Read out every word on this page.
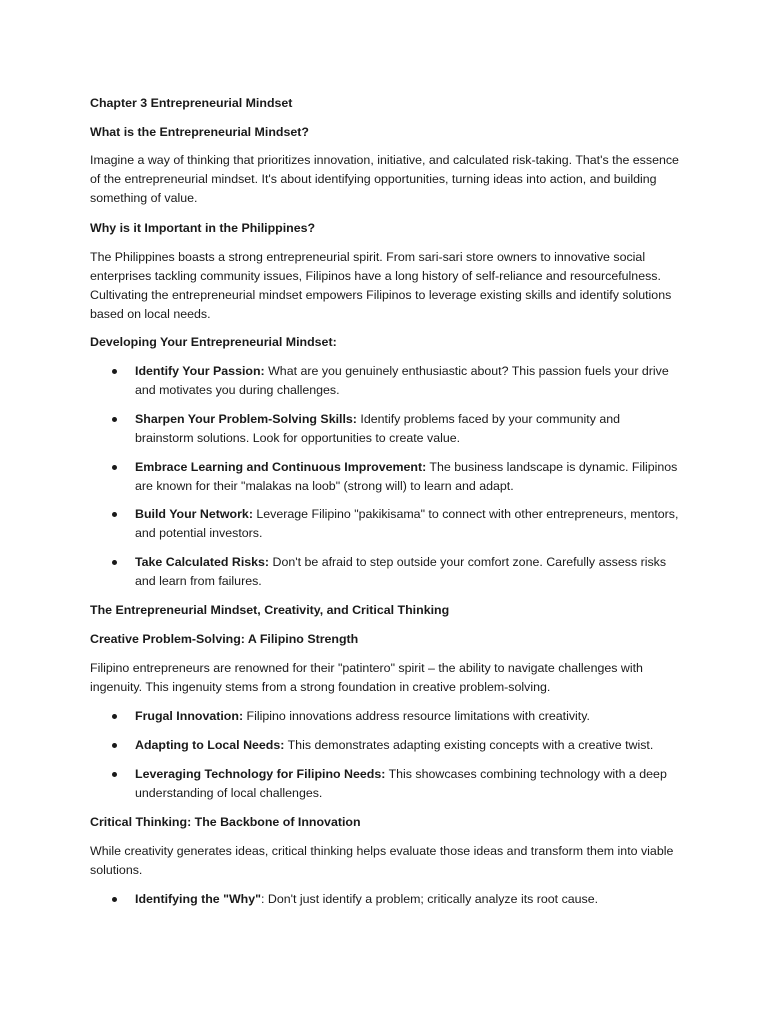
Chapter 3 Entrepreneurial Mindset

What is the Entrepreneurial Mindset?

Imagine a way of thinking that prioritizes innovation, initiative, and calculated risk-taking. That's the essence of the entrepreneurial mindset. It's about identifying opportunities, turning ideas into action, and building something of value.

Why is it Important in the Philippines?

The Philippines boasts a strong entrepreneurial spirit. From sari-sari store owners to innovative social enterprises tackling community issues, Filipinos have a long history of self-reliance and resourcefulness. Cultivating the entrepreneurial mindset empowers Filipinos to leverage existing skills and identify solutions based on local needs.

Developing Your Entrepreneurial Mindset:

Identify Your Passion: What are you genuinely enthusiastic about? This passion fuels your drive and motivates you during challenges.
Sharpen Your Problem-Solving Skills: Identify problems faced by your community and brainstorm solutions. Look for opportunities to create value.
Embrace Learning and Continuous Improvement: The business landscape is dynamic. Filipinos are known for their "malakas na loob" (strong will) to learn and adapt.
Build Your Network: Leverage Filipino "pakikisama" to connect with other entrepreneurs, mentors, and potential investors.
Take Calculated Risks: Don't be afraid to step outside your comfort zone. Carefully assess risks and learn from failures.

The Entrepreneurial Mindset, Creativity, and Critical Thinking

Creative Problem-Solving: A Filipino Strength

Filipino entrepreneurs are renowned for their "patintero" spirit – the ability to navigate challenges with ingenuity. This ingenuity stems from a strong foundation in creative problem-solving.

Frugal Innovation: Filipino innovations address resource limitations with creativity.
Adapting to Local Needs: This demonstrates adapting existing concepts with a creative twist.
Leveraging Technology for Filipino Needs: This showcases combining technology with a deep understanding of local challenges.

Critical Thinking: The Backbone of Innovation

While creativity generates ideas, critical thinking helps evaluate those ideas and transform them into viable solutions.

Identifying the "Why": Don't just identify a problem; critically analyze its root cause.
